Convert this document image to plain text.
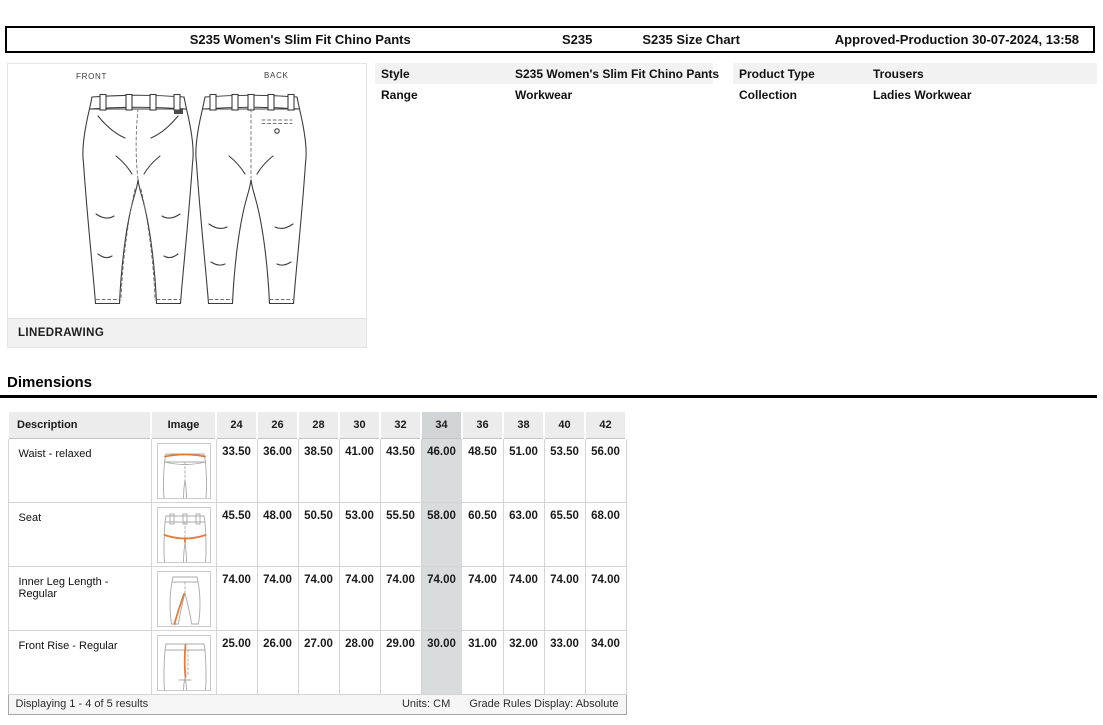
S235 Women's Slim Fit Chino Pants	S235	S235 Size Chart	Approved-Production 30-07-2024, 13:58
FRONT	BACK
LINEDRAWING
Style	S235 Women's Slim Fit Chino Pants
Range	Workwear
Product Type	Trousers
Collection	Ladies Workwear
Dimensions
Description	Image	24	26	28	30	32	34	36	38	40	42
Waist - relaxed		33.50	36.00	38.50	41.00	43.50	46.00	48.50	51.00	53.50	56.00
Seat		45.50	48.00	50.50	53.00	55.50	58.00	60.50	63.00	65.50	68.00
Inner Leg Length - Regular		74.00	74.00	74.00	74.00	74.00	74.00	74.00	74.00	74.00	74.00
Front Rise - Regular		25.00	26.00	27.00	28.00	29.00	30.00	31.00	32.00	33.00	34.00

Displaying 1 - 4 of 5 results Units: CM Grade Rules Display: Absolute											
